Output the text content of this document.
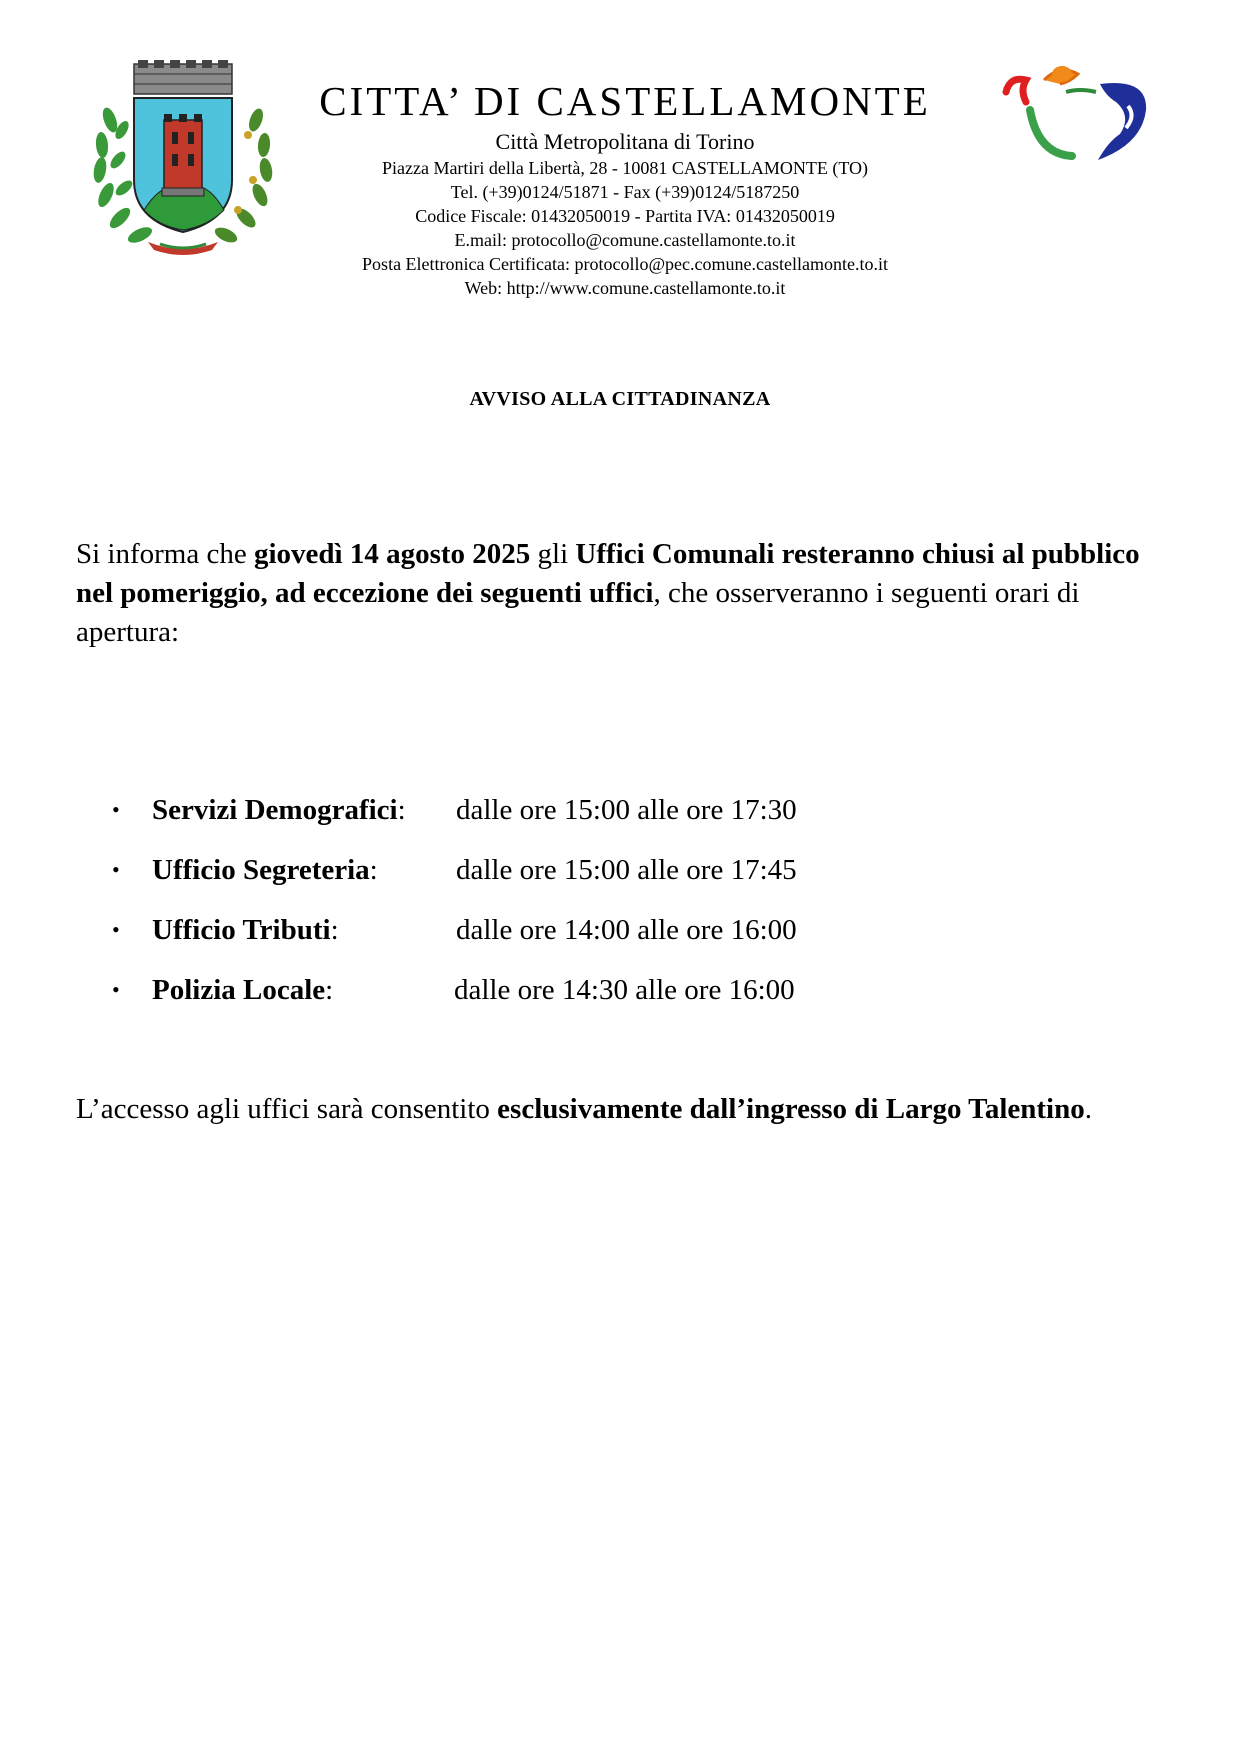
CITTA’ DI CASTELLAMONTE
Città Metropolitana di Torino
Piazza Martiri della Libertà, 28 - 10081 CASTELLAMONTE (TO)
Tel. (+39)0124/51871 - Fax (+39)0124/5187250
Codice Fiscale: 01432050019 - Partita IVA: 01432050019
E.mail: protocollo@comune.castellamonte.to.it
Posta Elettronica Certificata: protocollo@pec.comune.castellamonte.to.it
Web: http://www.comune.castellamonte.to.it
AVVISO ALLA CITTADINANZA

Si informa che giovedì 14 agosto 2025 gli Uffici Comunali resteranno chiusi al pubblico nel pomeriggio, ad eccezione dei seguenti uffici, che osserveranno i seguenti orari di apertura:

• Servizi Demografici: dalle ore 15:00 alle ore 17:30
• Ufficio Segreteria:	dalle ore 15:00 alle ore 17:45
• Ufficio Tributi:	dalle ore 14:00 alle ore 16:00
• Polizia Locale:	dalle ore 14:30 alle ore 16:00

L’accesso agli uffici sarà consentito esclusivamente dall’ingresso di Largo Talentino.
